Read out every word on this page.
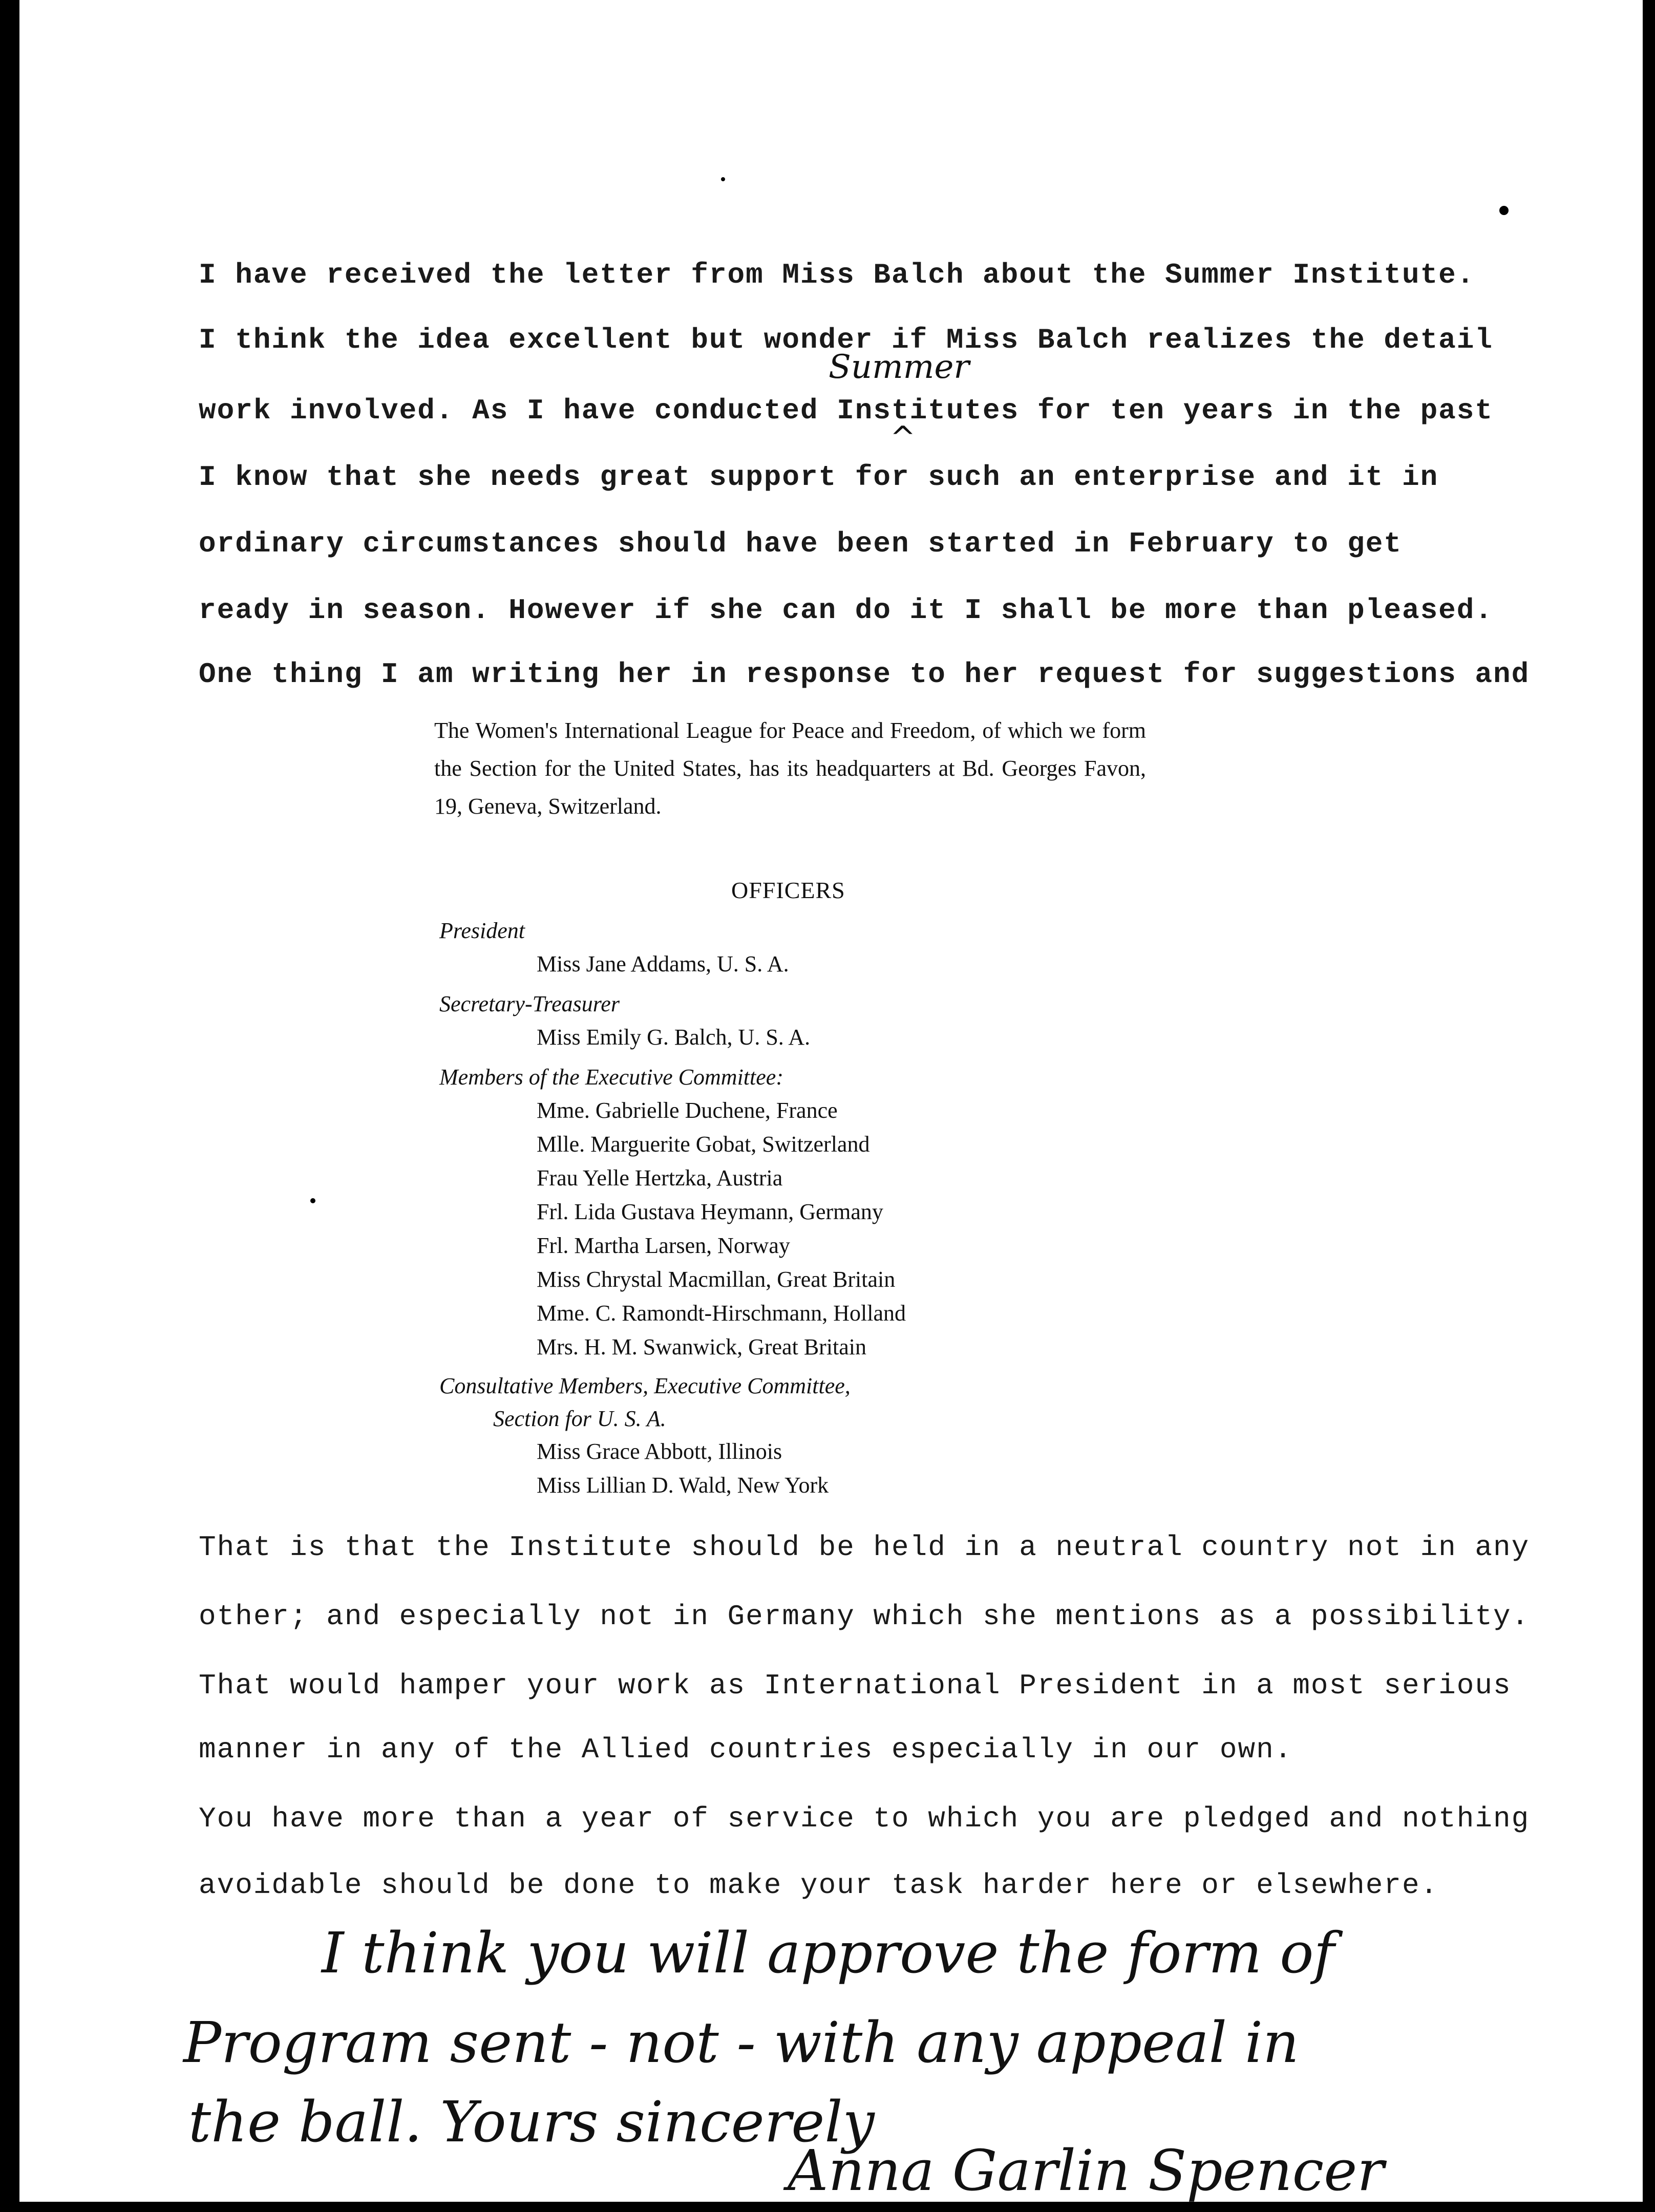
I have received the letter from Miss Balch about the Summer Institute.
I think the idea excellent but wonder if Miss Balch realizes the detail
Summer
work involved. As I have conducted Institutes for ten years in the past
^
I know that she needs great support for such an enterprise and it in
ordinary circumstances should have been started in February to get
ready in season. However if she can do it I shall be more than pleased.
One thing I am writing her in response to her request for suggestions and
The Women's International League for Peace and Freedom, of which we form the Section for the United States, has its headquarters at Bd. Georges Favon, 19, Geneva, Switzerland.
OFFICERS
President
Miss Jane Addams, U. S. A.
Secretary-Treasurer
Miss Emily G. Balch, U. S. A.
Members of the Executive Committee:
Mme. Gabrielle Duchene, France
Mlle. Marguerite Gobat, Switzerland
Frau Yelle Hertzka, Austria
Frl. Lida Gustava Heymann, Germany
Frl. Martha Larsen, Norway
Miss Chrystal Macmillan, Great Britain
Mme. C. Ramondt-Hirschmann, Holland
Mrs. H. M. Swanwick, Great Britain
Consultative Members, Executive Committee,
Section for U. S. A.
Miss Grace Abbott, Illinois
Miss Lillian D. Wald, New York
That is that the Institute should be held in a neutral country not in any
other; and especially not in Germany which she mentions as a possibility.
That would hamper your work as International President in a most serious
manner in any of the Allied countries especially in our own.
You have more than a year of service to which you are pledged and nothing
avoidable should be done to make your task harder here or elsewhere.
I think you will approve the form of
Program sent - not - with any appeal in
the ball. Yours sincerely
Anna Garlin Spencer
